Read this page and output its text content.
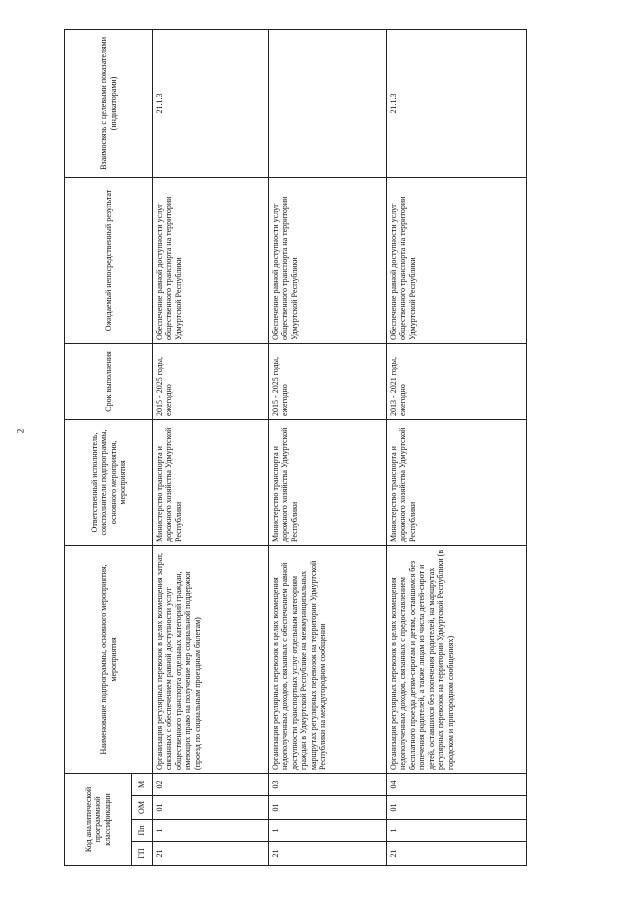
2
Код аналитической программной классификации				Наименование подпрограммы, основного мероприятия, мероприятия	Ответственный исполнитель, соисполнители подпрограммы, основного мероприятия, мероприятия	Срок выполнения	Ожидаемый непосредственный результат	Взаимосвязь с целевыми показателями (индикаторами)
ГП	Пп	ОМ	М					
21	1	01	02	Организация регулярных перевозок в целях возмещения затрат, связанных с обеспечением равной доступности услуг общественного транспорта отдельных категорий граждан, имеющих право на получение мер социальной поддержки (проезд по социальным проездным билетам)	Министерство транспорта и дорожного хозяйства Удмуртской Республики	2015 - 2025 годы, ежегодно	Обеспечение равной доступности услуг общественного транспорта на территории Удмуртской Республики	21.1.3
21	1	01	03	Организация регулярных перевозок в целях возмещения недополученных доходов, связанных с обеспечением равной доступности транспортных услуг отдельным категориям граждан в Удмуртской Республике на межмуниципальных маршрутах регулярных перевозок на территории Удмуртской Республики на междугородном сообщении	Министерство транспорта и дорожного хозяйства Удмуртской Республики	2015 - 2025 годы, ежегодно	Обеспечение равной доступности услуг общественного транспорта на территории Удмуртской Республики	
21	1	01	04	Организация регулярных перевозок в целях возмещения недополученных доходов, связанных с предоставлением бесплатного проезда детям-сиротам и детям, оставшимся без попечения родителей, а также лицам из числа детей-сирот и детей, оставшихся без попечения родителей, на маршрутах регулярных перевозок на территории Удмуртской Республики (в городском и пригородном сообщениях)	Министерство транспорта и дорожного хозяйства Удмуртской Республики	2013 - 2021 годы, ежегодно	Обеспечение равной доступности услуг общественного транспорта на территории Удмуртской Республики	21.1.3
